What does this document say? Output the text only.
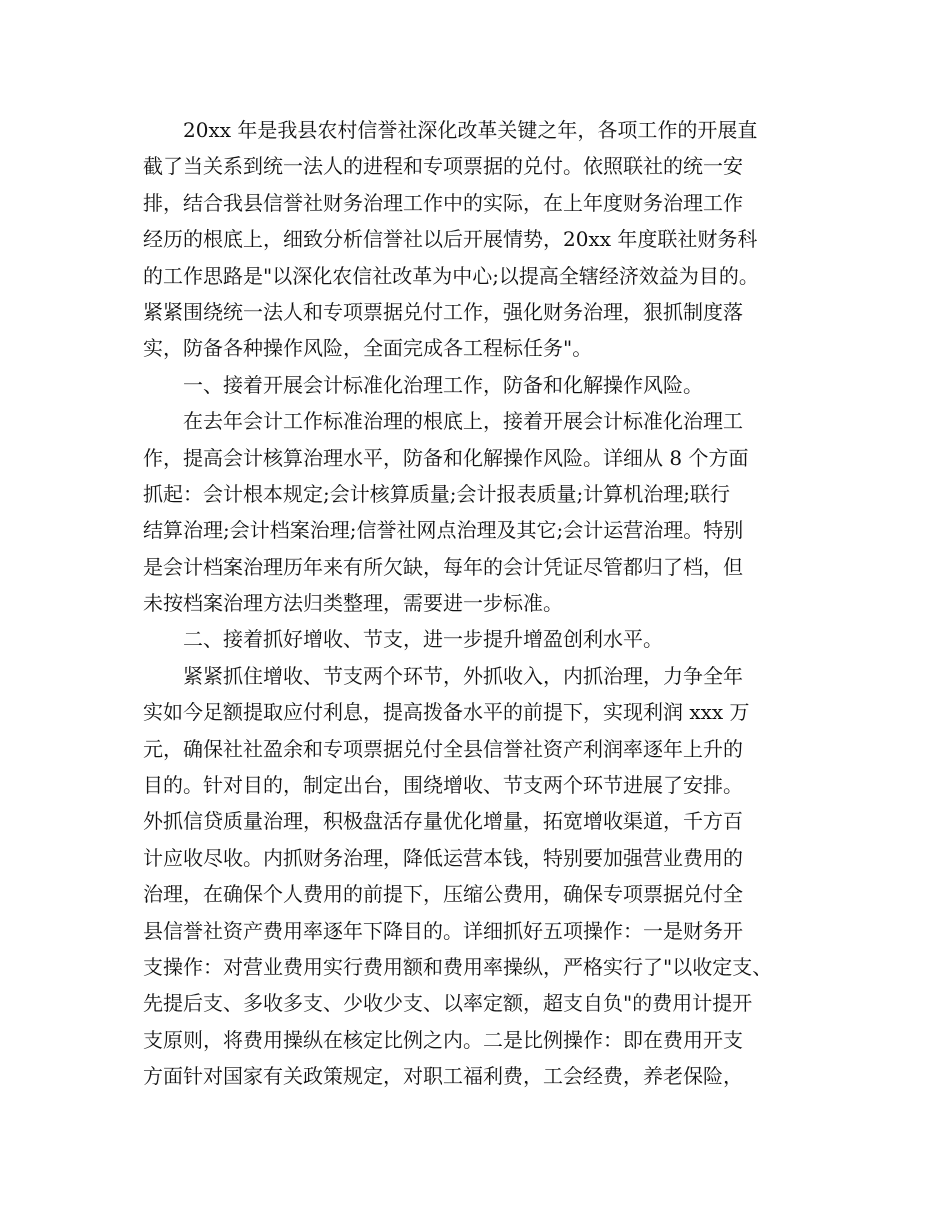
20xx 年是我县农村信誉社深化改革关键之年，各项工作的开展直
截了当关系到统一法人的进程和专项票据的兑付。依照联社的统一安
排，结合我县信誉社财务治理工作中的实际，在上年度财务治理工作
经历的根底上，细致分析信誉社以后开展情势，20xx 年度联社财务科
的工作思路是"以深化农信社改革为中心;以提高全辖经济效益为目的。
紧紧围绕统一法人和专项票据兑付工作，强化财务治理，狠抓制度落
实，防备各种操作风险，全面完成各工程标任务"。
一、接着开展会计标准化治理工作，防备和化解操作风险。
在去年会计工作标准治理的根底上，接着开展会计标准化治理工
作，提高会计核算治理水平，防备和化解操作风险。详细从 8 个方面
抓起：会计根本规定;会计核算质量;会计报表质量;计算机治理;联行
结算治理;会计档案治理;信誉社网点治理及其它;会计运营治理。特别
是会计档案治理历年来有所欠缺，每年的会计凭证尽管都归了档，但
未按档案治理方法归类整理，需要进一步标准。
二、接着抓好增收、节支，进一步提升增盈创利水平。
紧紧抓住增收、节支两个环节，外抓收入，内抓治理，力争全年
实如今足额提取应付利息，提高拨备水平的前提下，实现利润 xxx 万
元，确保社社盈余和专项票据兑付全县信誉社资产利润率逐年上升的
目的。针对目的，制定出台，围绕增收、节支两个环节进展了安排。
外抓信贷质量治理，积极盘活存量优化增量，拓宽增收渠道，千方百
计应收尽收。内抓财务治理，降低运营本钱，特别要加强营业费用的
治理，在确保个人费用的前提下，压缩公费用，确保专项票据兑付全
县信誉社资产费用率逐年下降目的。详细抓好五项操作：一是财务开
支操作：对营业费用实行费用额和费用率操纵，严格实行了"以收定支、
先提后支、多收多支、少收少支、以率定额，超支自负"的费用计提开
支原则，将费用操纵在核定比例之内。二是比例操作：即在费用开支
方面针对国家有关政策规定，对职工福利费，工会经费，养老保险，
